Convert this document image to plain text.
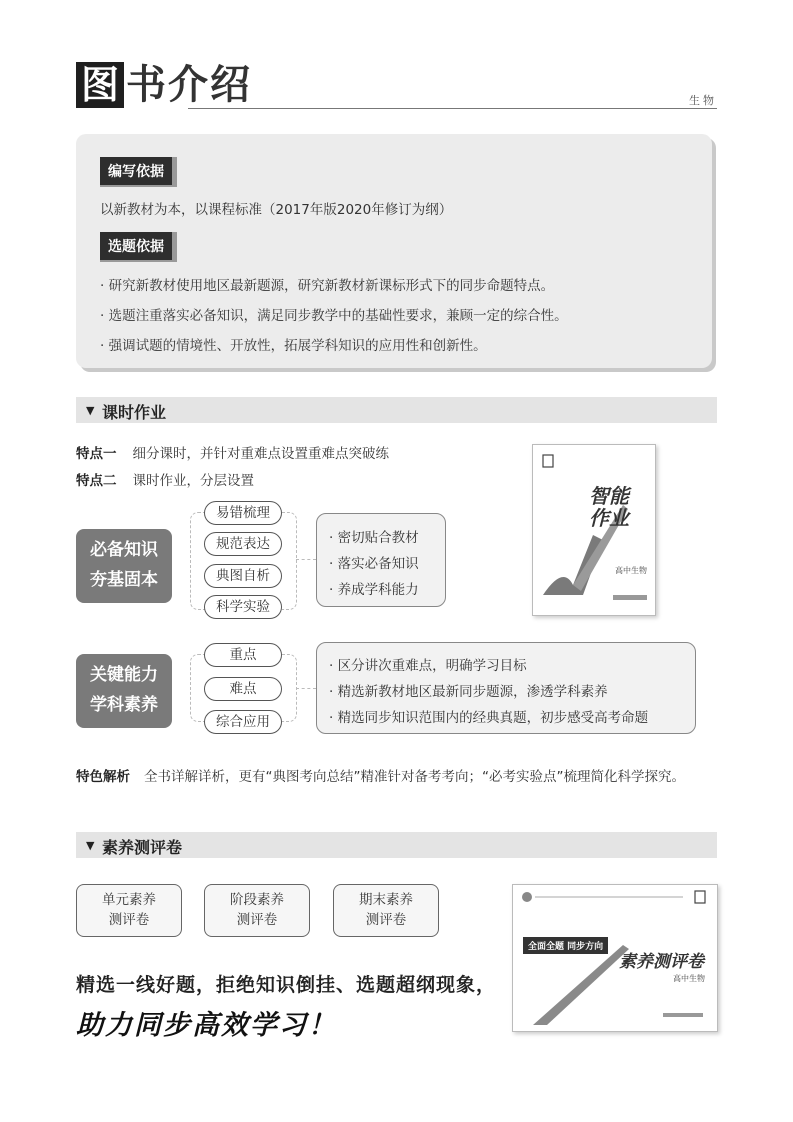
图 书介绍	生物
编写依据
以新教材为本，以课程标准（2017年版2020年修订为纲）
选题依据
· 研究新教材使用地区最新题源，研究新教材新课标形式下的同步命题特点。
· 选题注重落实必备知识，满足同步教学中的基础性要求，兼顾一定的综合性。
· 强调试题的情境性、开放性，拓展学科知识的应用性和创新性。
▼ 课时作业
特点一 细分课时，并针对重难点设置重难点突破练
特点二 课时作业，分层设置
必备知识
夯基固本
易错梳理
规范表达
典图自析
科学实验
· 密切贴合教材
· 落实必备知识
· 养成学科能力
关键能力
学科素养
重点
难点
综合应用
· 区分讲次重难点，明确学习目标
· 精选新教材地区最新同步题源，渗透学科素养
· 精选同步知识范围内的经典真题，初步感受高考命题
智能作业
高中生物
特色解析 全书详解详析，更有“典图考向总结”精准针对备考考向；“必考实验点”梳理简化科学探究。
▼ 素养测评卷
单元素养
测评卷
阶段素养
测评卷
期末素养
测评卷
精选一线好题，拒绝知识倒挂、选题超纲现象，
助力同步高效学习！
全面全题 同步方向
素养测评卷
高中生物
